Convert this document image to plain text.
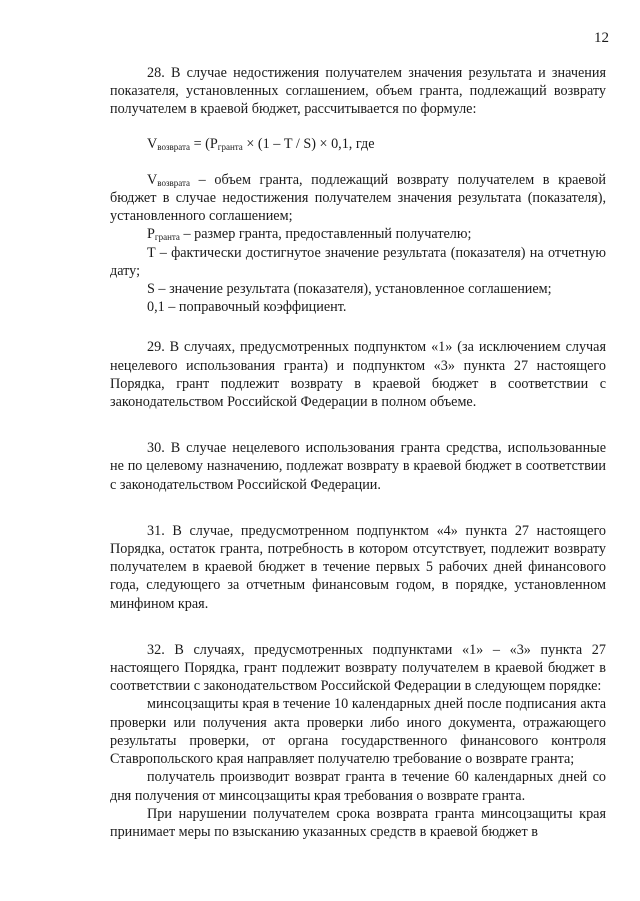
12

28. В случае недостижения получателем значения результата и значения показателя, установленных соглашением, объем гранта, подлежащий возврату получателем в краевой бюджет, рассчитывается по формуле:

$V_{возврата} = (P_{гранта} \times (1 - T / S) \times 0,1$, где

$V_{возврата}$ – объем гранта, подлежащий возврату получателем в краевой бюджет в случае недостижения получателем значения результата (показателя), установленного соглашением;

$P_{гранта}$ – размер гранта, предоставленный получателю;

T – фактически достигнутое значение результата (показателя) на отчетную дату;

S – значение результата (показателя), установленное соглашением;

0,1 – поправочный коэффициент.

29. В случаях, предусмотренных подпунктом «1» (за исключением случая нецелевого использования гранта) и подпунктом «3» пункта 27 настоящего Порядка, грант подлежит возврату в краевой бюджет в соответствии с законодательством Российской Федерации в полном объеме.

30. В случае нецелевого использования гранта средства, использованные не по целевому назначению, подлежат возврату в краевой бюджет в соответствии с законодательством Российской Федерации.

31. В случае, предусмотренном подпунктом «4» пункта 27 настоящего Порядка, остаток гранта, потребность в котором отсутствует, подлежит возврату получателем в краевой бюджет в течение первых 5 рабочих дней финансового года, следующего за отчетным финансовым годом, в порядке, установленном минфином края.

32. В случаях, предусмотренных подпунктами «1» – «3» пункта 27 настоящего Порядка, грант подлежит возврату получателем в краевой бюджет в соответствии с законодательством Российской Федерации в следующем порядке:

минсоцзащиты края в течение 10 календарных дней после подписания акта проверки или получения акта проверки либо иного документа, отражающего результаты проверки, от органа государственного финансового контроля Ставропольского края направляет получателю требование о возврате гранта;

получатель производит возврат гранта в течение 60 календарных дней со дня получения от минсоцзащиты края требования о возврате гранта.

При нарушении получателем срока возврата гранта минсоцзащиты края принимает меры по взысканию указанных средств в краевой бюджет в
